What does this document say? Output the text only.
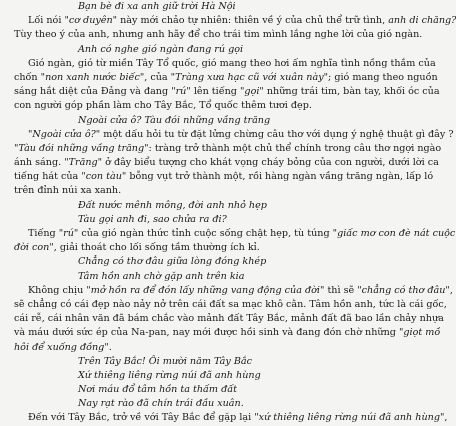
Bạn bè đi xa anh giữ trời Hà Nội
Lối nói "cơ duyên" này mới chảo tự nhiên: thiên về ý của chủ thể trữ tình, anh di chăng?
Tùy theo ý của anh, nhưng anh hãy để cho trái tim mình lắng nghe lời của gió ngàn.
Anh có nghe gió ngàn đang rú gọi
Gió ngàn, gió từ miền Tây Tổ quốc, gió mang theo hơi ấm nghĩa tình nồng thắm của
chốn "non xanh nước biếc", của "Tràng xưa hạc cũ với xuân này"; gió mang theo nguồn
sáng hắt diệt của Đảng và đang "rú" lên tiếng "gọi" những trái tim, bàn tay, khối óc của
con người góp phần làm cho Tây Bắc, Tổ quốc thêm tươi đẹp.
Ngoài cửa ô? Tàu đói những vầng trăng
"Ngoài cửa ô?" một dấu hỏi tu từ đặt lửng chừng câu thơ với dụng ý nghệ thuật gì đây ?
"Tàu đói những vầng trăng": tràng trở thành một chủ thể chính trong câu thơ ngợi ngào
ánh sáng. "Trăng" ở đây biểu tượng cho khát vọng cháy bỏng của con người, dưới lời ca
tiếng hát của "con tàu" bỗng vụt trở thành một, rồi hàng ngàn vầng trăng ngàn, lấp ló
trên đỉnh núi xa xanh.
Đất nước mênh mông, đời anh nhỏ hẹp
Tàu gọi anh đi, sao chửa ra đi?
Tiếng "rú" của gió ngàn thức tỉnh cuộc sống chật hẹp, tù túng "giấc mơ con đè nát cuộc
đời con", giải thoát cho lối sống tầm thường ích kỉ.
Chẳng có thơ đâu giữa lòng đóng khép
Tâm hồn anh chờ gặp anh trên kia
Không chịu "mở hồn ra để đón lấy những vang động của đời" thì sẽ "chẳng có thơ đâu",
sẽ chẳng có cái đẹp nào nảy nở trên cái đất sa mạc khô cằn. Tâm hồn anh, tức là cái gốc,
cái rễ, cái nhân văn đã bám chắc vào mảnh đất Tây Bắc, mảnh đất đã bao lần chảy nhựa
và máu dưới sức ép của Na-pan, nay mới được hồi sinh và đang đón chờ những "giọt mồ
hôi để xuống đồng".
Trên Tây Bắc! Ôi mười năm Tây Bắc
Xứ thiêng liêng rừng núi đã anh hùng
Nơi máu đổ tâm hồn ta thấm đất
Nay rạt rào đã chín trái đầu xuân.
Đến với Tây Bắc, trở về với Tây Bắc để gặp lại "xứ thiêng liêng rừng núi đã anh hùng",
